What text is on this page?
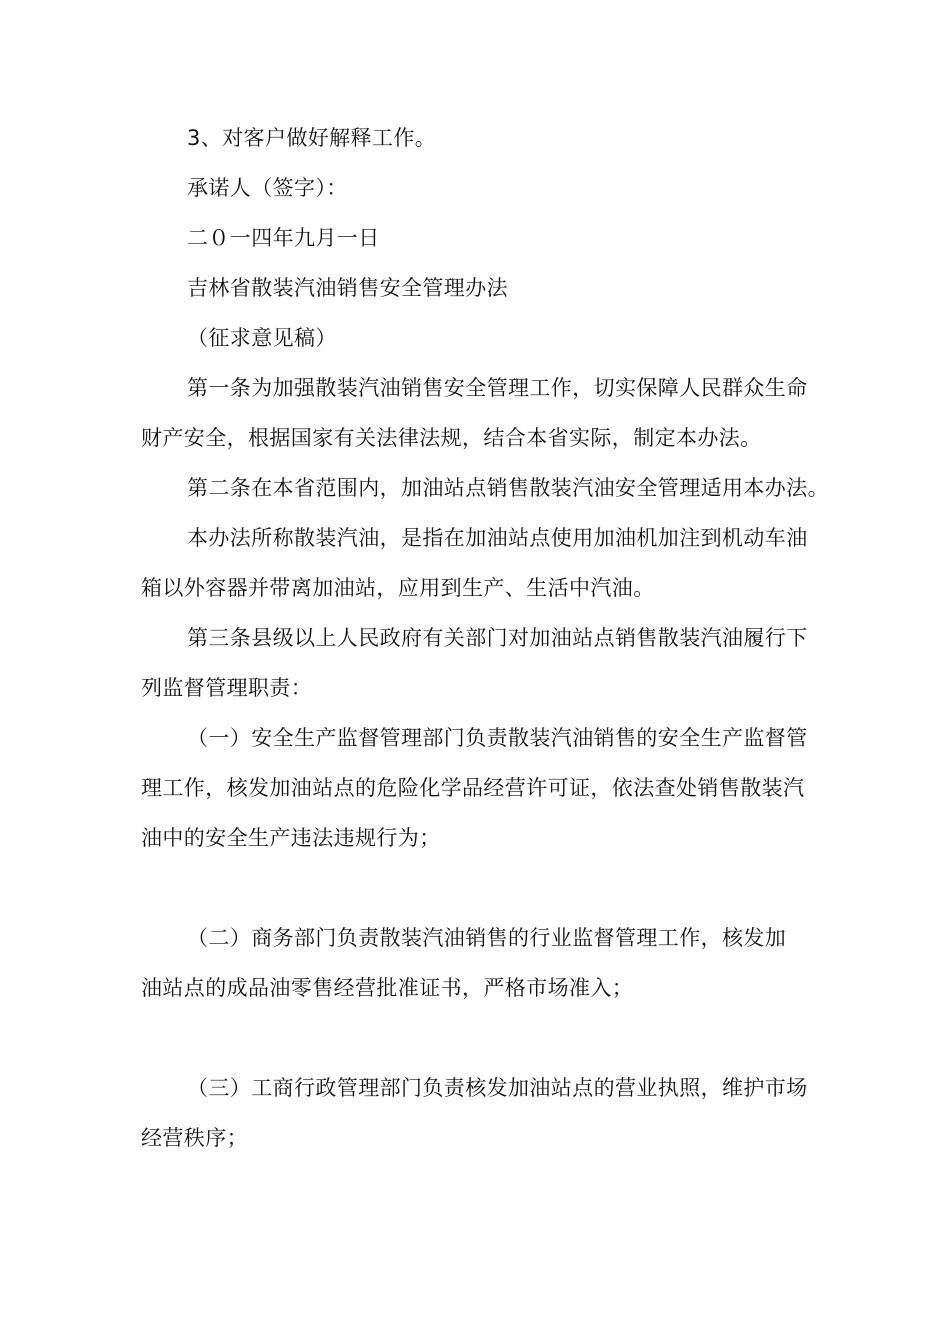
3、对客户做好解释工作。
承诺人（签字）：
二０一四年九月一日
吉林省散装汽油销售安全管理办法
（征求意见稿）
第一条为加强散装汽油销售安全管理工作，切实保障人民群众生命
财产安全，根据国家有关法律法规，结合本省实际，制定本办法。
第二条在本省范围内，加油站点销售散装汽油安全管理适用本办法。
本办法所称散装汽油，是指在加油站点使用加油机加注到机动车油
箱以外容器并带离加油站，应用到生产、生活中汽油。
第三条县级以上人民政府有关部门对加油站点销售散装汽油履行下
列监督管理职责：
（一）安全生产监督管理部门负责散装汽油销售的安全生产监督管
理工作，核发加油站点的危险化学品经营许可证，依法查处销售散装汽
油中的安全生产违法违规行为；
（二）商务部门负责散装汽油销售的行业监督管理工作，核发加
油站点的成品油零售经营批准证书，严格市场准入；
（三）工商行政管理部门负责核发加油站点的营业执照，维护市场
经营秩序；
